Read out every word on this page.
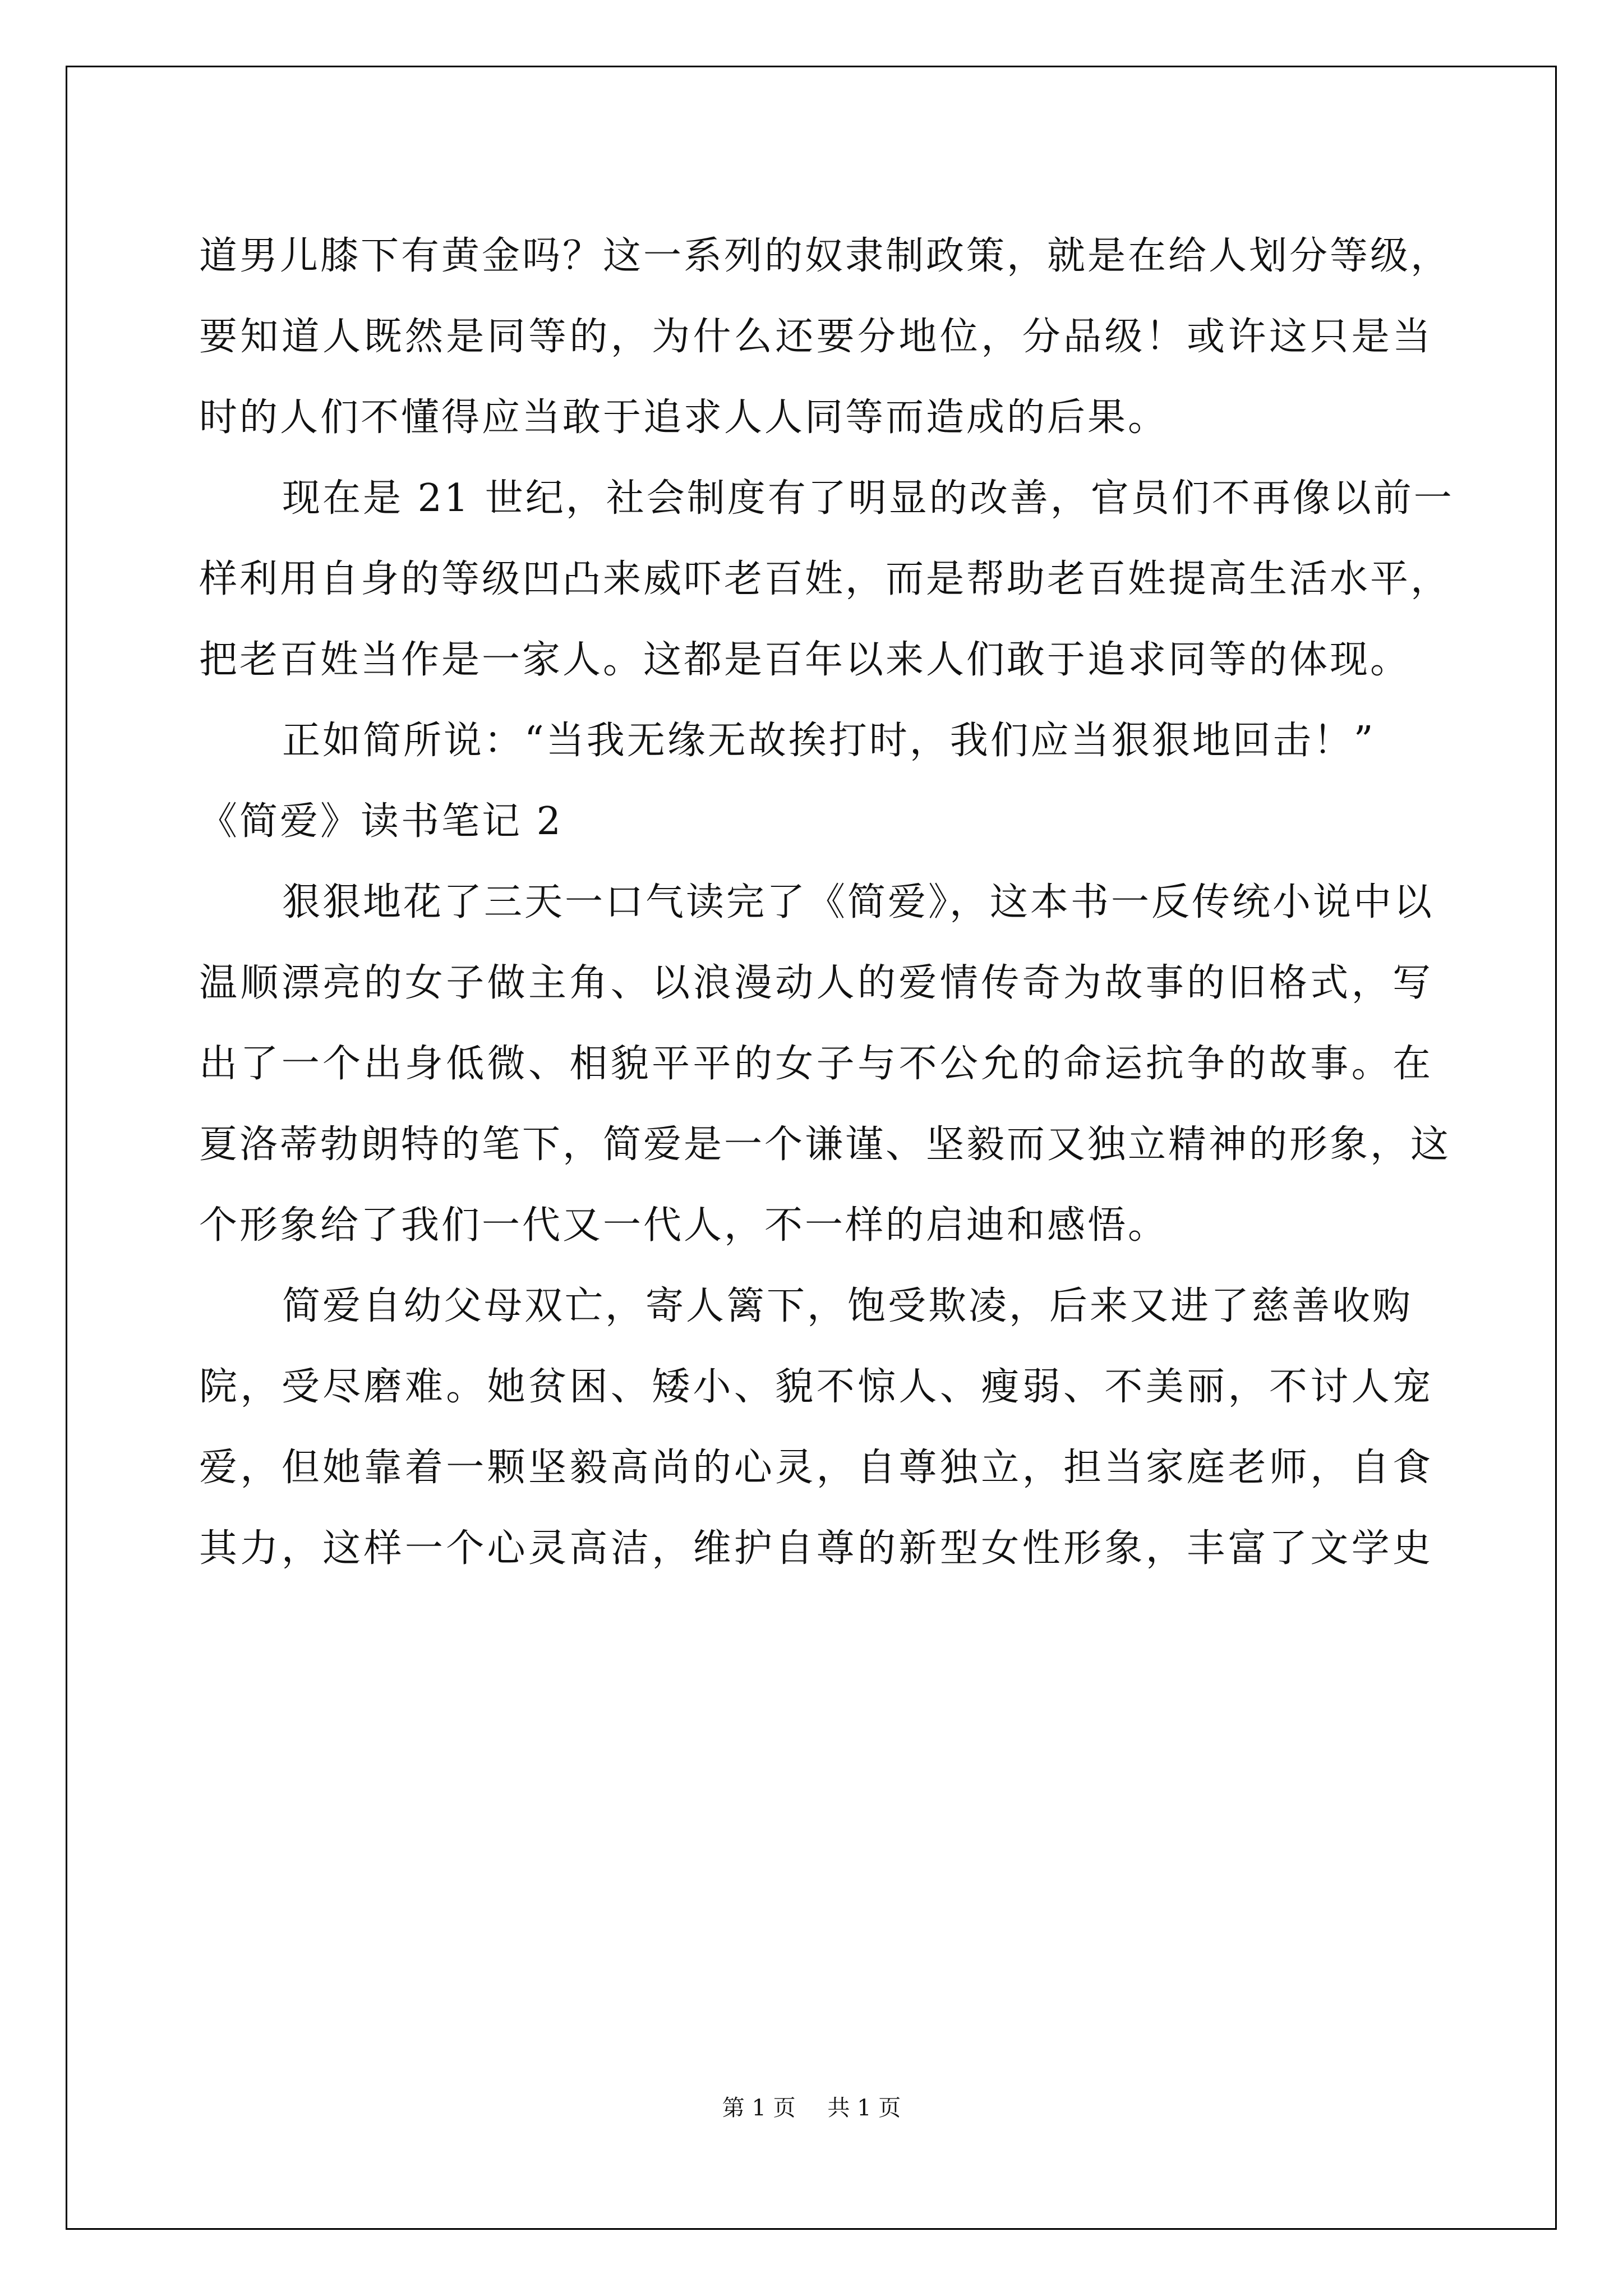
道男儿膝下有黄金吗？这一系列的奴隶制政策，就是在给人划分等级，
要知道人既然是同等的，为什么还要分地位，分品级！或许这只是当
时的人们不懂得应当敢于追求人人同等而造成的后果。
现在是 21 世纪，社会制度有了明显的改善，官员们不再像以前一
样利用自身的等级凹凸来威吓老百姓，而是帮助老百姓提高生活水平，
把老百姓当作是一家人。这都是百年以来人们敢于追求同等的体现。
正如简所说：“当我无缘无故挨打时，我们应当狠狠地回击！”
《简爱》读书笔记 2
狠狠地花了三天一口气读完了《简爱》，这本书一反传统小说中以
温顺漂亮的女子做主角、以浪漫动人的爱情传奇为故事的旧格式，写
出了一个出身低微、相貌平平的女子与不公允的命运抗争的故事。在
夏洛蒂勃朗特的笔下，简爱是一个谦谨、坚毅而又独立精神的形象，这
个形象给了我们一代又一代人，不一样的启迪和感悟。
简爱自幼父母双亡，寄人篱下，饱受欺凌，后来又进了慈善收购
院，受尽磨难。她贫困、矮小、貌不惊人、瘦弱、不美丽，不讨人宠
爱，但她靠着一颗坚毅高尚的心灵，自尊独立，担当家庭老师，自食
其力，这样一个心灵高洁，维护自尊的新型女性形象，丰富了文学史
第 1 页 共 1 页
